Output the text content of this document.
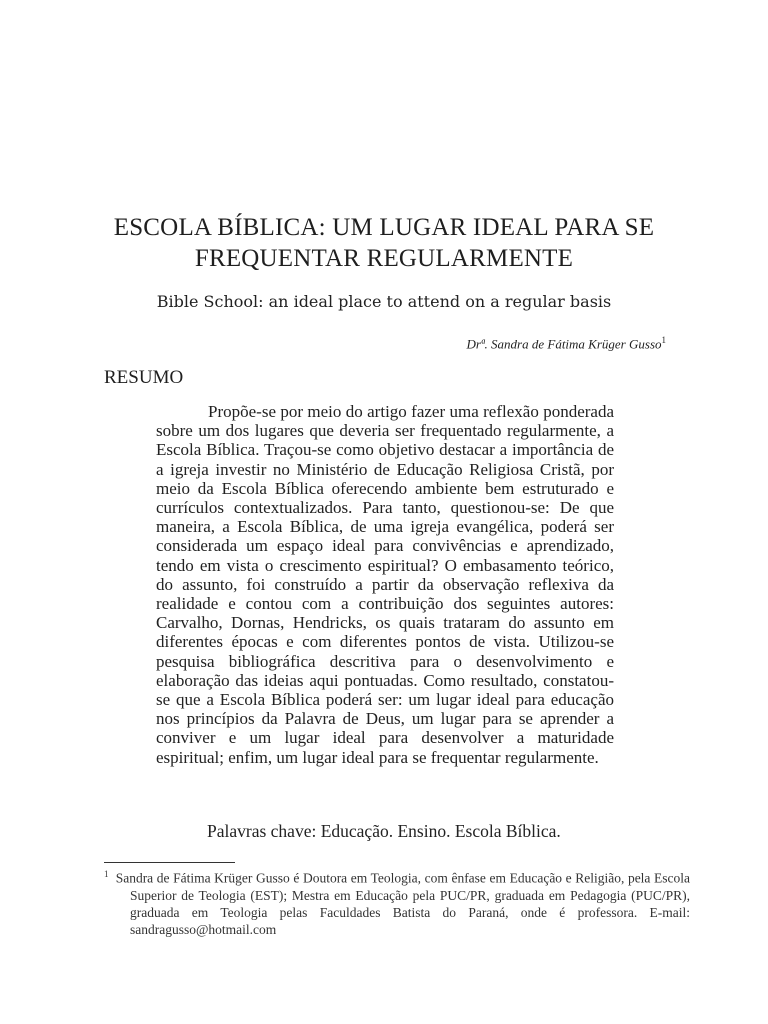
ESCOLA BÍBLICA: UM LUGAR IDEAL PARA SE
FREQUENTAR REGULARMENTE
Bible School: an ideal place to attend on a regular basis
Drª. Sandra de Fátima Krüger Gusso$^1$
RESUMO

Propõe-se por meio do artigo fazer uma reflexão ponderada sobre um dos lugares que deveria ser frequentado regularmente, a Escola Bíblica. Traçou-se como objetivo destacar a importância de a igreja investir no Ministério de Educação Religiosa Cristã, por meio da Escola Bíblica oferecendo ambiente bem estruturado e currículos contextualizados. Para tanto, questionou-se: De que maneira, a Escola Bíblica, de uma igreja evangélica, poderá ser considerada um espaço ideal para convivências e aprendizado, tendo em vista o crescimento espiritual? O embasamento teórico, do assunto, foi construído a partir da observação reflexiva da realidade e contou com a contribuição dos seguintes autores: Carvalho, Dornas, Hendricks, os quais trataram do assunto em diferentes épocas e com diferentes pontos de vista. Utilizou-se pesquisa bibliográfica descritiva para o desenvolvimento e elaboração das ideias aqui pontuadas. Como resultado, constatou-se que a Escola Bíblica poderá ser: um lugar ideal para educação nos princípios da Palavra de Deus, um lugar para se aprender a conviver e um lugar ideal para desenvolver a maturidade espiritual; enfim, um lugar ideal para se frequentar regularmente.

Palavras chave: Educação. Ensino. Escola Bíblica.

$^1$ Sandra de Fátima Krüger Gusso é Doutora em Teologia, com ênfase em Educação e Religião, pela Escola Superior de Teologia (EST); Mestra em Educação pela PUC/PR, graduada em Pedagogia (PUC/PR), graduada em Teologia pelas Faculdades Batista do Paraná, onde é professora. E-mail: sandragusso@hotmail.com
